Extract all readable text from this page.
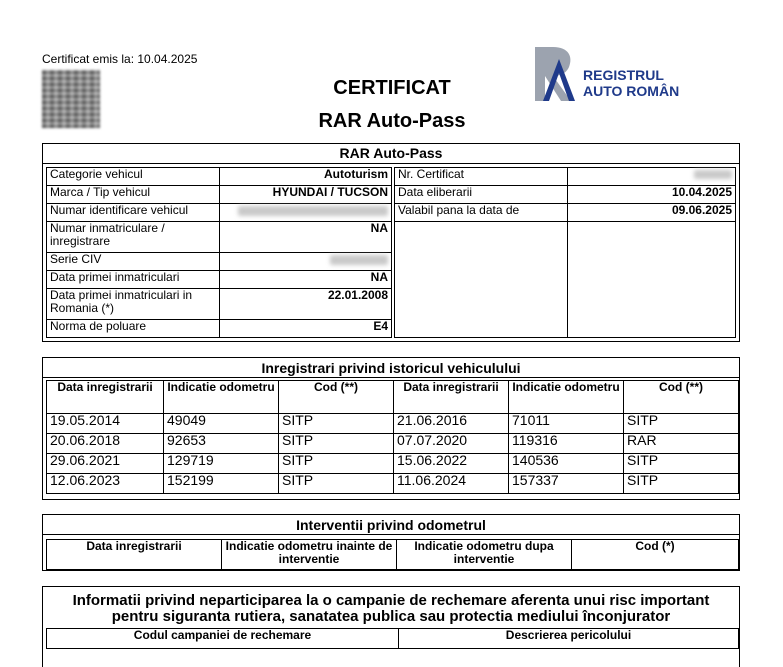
Certificat emis la: 10.04.2025
CERTIFICAT
RAR Auto-Pass
REGISTRUL
AUTO ROMÂN
RAR Auto-Pass
Categorie vehicul	Autoturism
Marca / Tip vehicul	HYUNDAI / TUCSON
Numar identificare vehicul	

Numar inmatriculare / inregistrare	NA
Serie CIV	

Data primei inmatriculari	NA
Data primei inmatriculari in Romania (*)	22.01.2008
Norma de poluare	E4
Nr. Certificat	

Data eliberarii	10.04.2025
Valabil pana la data de	09.06.2025

Inregistrari privind istoricul vehiculului
Data inregistrarii	Indicatie odometru	Cod (**)	Data inregistrarii	Indicatie odometru	Cod (**)
19.05.2014	49049	SITP	21.06.2016	71011	SITP
20.06.2018	92653	SITP	07.07.2020	119316	RAR
29.06.2021	129719	SITP	15.06.2022	140536	SITP
12.06.2023	152199	SITP	11.06.2024	157337	SITP
Interventii privind odometrul
Data inregistrarii	Indicatie odometru inainte de interventie	Indicatie odometru dupa interventie	Cod (*)
Informatii privind neparticiparea la o campanie de rechemare aferenta unui risc important pentru siguranta rutiera, sanatatea publica sau protectia mediului înconjurator
Codul campaniei de rechemare	Descrierea pericolului
